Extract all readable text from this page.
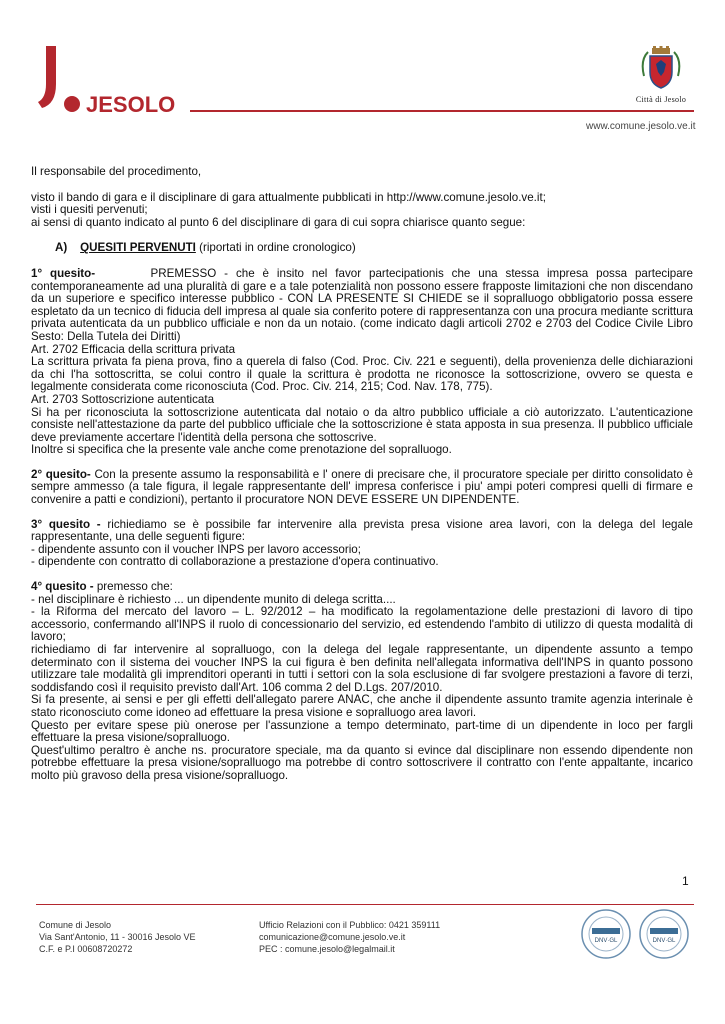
JESOLO	Città di Jesolo
www.comune.jesolo.ve.it

Il responsabile del procedimento,

visto il bando di gara e il disciplinare di gara attualmente pubblicati in http://www.comune.jesolo.ve.it;

visti i quesiti pervenuti;

ai sensi di quanto indicato al punto 6 del disciplinare di gara di cui sopra chiarisce quanto segue:

A) QUESITI PERVENUTI (riportati in ordine cronologico)

1° quesito-	PREMESSO - che è insito nel favor partecipationis che una stessa impresa possa partecipare contemporaneamente ad una pluralità di gare e a tale potenzialità non possono essere frapposte limitazioni che non discendano da un superiore e specifico interesse pubblico - CON LA PRESENTE SI CHIEDE se il sopralluogo obbligatorio possa essere espletato da un tecnico di fiducia dell impresa al quale sia conferito potere di rappresentanza con una procura mediante scrittura privata autenticata da un pubblico ufficiale e non da un notaio. (come indicato dagli articoli 2702 e 2703 del Codice Civile Libro Sesto: Della Tutela dei Diritti)

Art. 2702 Efficacia della scrittura privata

La scrittura privata fa piena prova, fino a querela di falso (Cod. Proc. Civ. 221 e seguenti), della provenienza delle dichiarazioni da chi l'ha sottoscritta, se colui contro il quale la scrittura è prodotta ne riconosce la sottoscrizione, ovvero se questa e legalmente considerata come riconosciuta (Cod. Proc. Civ. 214, 215; Cod. Nav. 178, 775).

Art. 2703 Sottoscrizione autenticata

Si ha per riconosciuta la sottoscrizione autenticata dal notaio o da altro pubblico ufficiale a ciò autorizzato. L'autenticazione consiste nell'attestazione da parte del pubblico ufficiale che la sottoscrizione è stata apposta in sua presenza. Il pubblico ufficiale deve previamente accertare l'identità della persona che sottoscrive.

Inoltre si specifica che la presente vale anche come prenotazione del sopralluogo.

2° quesito- Con la presente assumo la responsabilità e l' onere di precisare che, il procuratore speciale per diritto consolidato è sempre ammesso (a tale figura, il legale rappresentante dell' impresa conferisce i piu' ampi poteri compresi quelli di firmare e convenire a patti e condizioni), pertanto il procuratore NON DEVE ESSERE UN DIPENDENTE.

3° quesito - richiediamo se è possibile far intervenire alla prevista presa visione area lavori, con la delega del legale rappresentante, una delle seguenti figure:

- dipendente assunto con il voucher INPS per lavoro accessorio;

- dipendente con contratto di collaborazione a prestazione d'opera continuativo.

4° quesito - premesso che:

- nel disciplinare è richiesto ... un dipendente munito di delega scritta....

- la Riforma del mercato del lavoro – L. 92/2012 – ha modificato la regolamentazione delle prestazioni di lavoro di tipo accessorio, confermando all'INPS il ruolo di concessionario del servizio, ed estendendo l'ambito di utilizzo di questa modalità di lavoro;

richiediamo di far intervenire al sopralluogo, con la delega del legale rappresentante, un dipendente assunto a tempo determinato con il sistema dei voucher INPS la cui figura è ben definita nell'allegata informativa dell'INPS in quanto possono utilizzare tale modalità gli imprenditori operanti in tutti i settori con la sola esclusione di far svolgere prestazioni a favore di terzi, soddisfando così il requisito previsto dall'Art. 106 comma 2 del D.Lgs. 207/2010.

Si fa presente, ai sensi e per gli effetti dell'allegato parere ANAC, che anche il dipendente assunto tramite agenzia interinale è stato riconosciuto come idoneo ad effettuare la presa visione e sopralluogo area lavori.

Questo per evitare spese più onerose per l'assunzione a tempo determinato, part-time di un dipendente in loco per fargli effettuare la presa visione/sopralluogo.

Quest'ultimo peraltro è anche ns. procuratore speciale, ma da quanto si evince dal disciplinare non essendo dipendente non potrebbe effettuare la presa visione/sopralluogo ma potrebbe di contro sottoscrivere il contratto con l'ente appaltante, incarico molto più gravoso della presa visione/sopralluogo.

1
Comune di Jesolo
Via Sant'Antonio, 11 - 30016 Jesolo VE
C.F. e P.I 00608720272
Ufficio Relazioni con il Pubblico: 0421 359111
comunicazione@comune.jesolo.ve.it
PEC : comune.jesolo@legalmail.it
DNV·GL	DNV·GL
